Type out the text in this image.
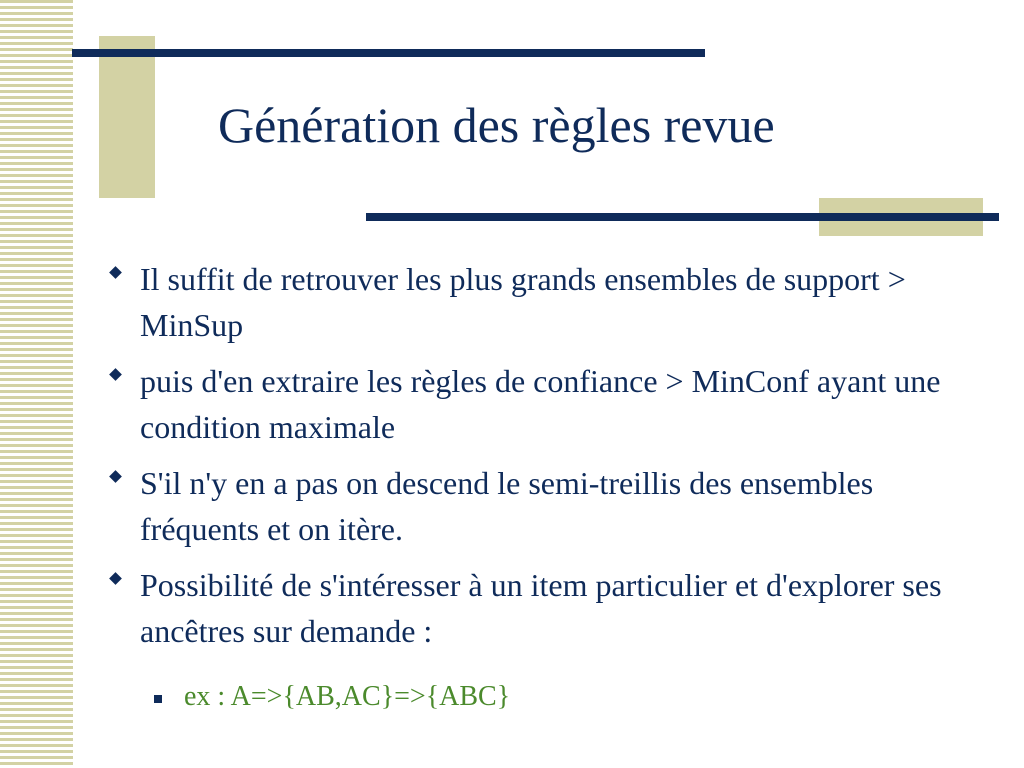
Génération des règles revue
Il suffit de retrouver les plus grands ensembles de support > MinSup
puis d'en extraire les règles de confiance > MinConf ayant une condition maximale
S'il n'y en a pas on descend le semi-treillis des ensembles fréquents et on itère.
Possibilité de s'intéresser à un item particulier et d'explorer ses ancêtres sur demande :
ex : A=>{AB,AC}=>{ABC}
